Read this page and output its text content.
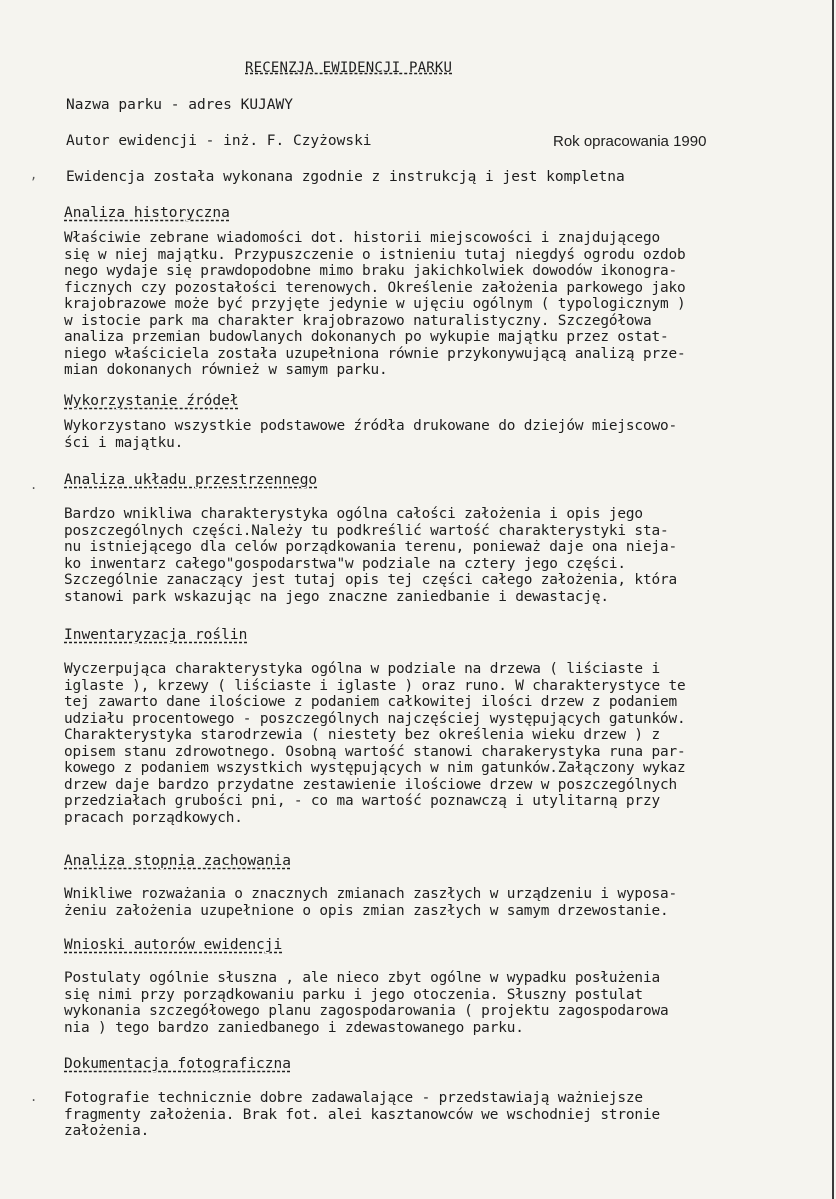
RECENZJA EWIDENCJI PARKU
Nazwa parku - adres KUJAWY
Autor ewidencji - inż. F. Czyżowski	Rok opracowania 1990
Ewidencja została wykonana zgodnie z instrukcją i jest kompletna
Analiza historyczna
Właściwie zebrane wiadomości dot. historii miejscowości i znajdującego
się w niej majątku. Przypuszczenie o istnieniu tutaj niegdyś ogrodu ozdob
nego wydaje się prawdopodobne mimo braku jakichkolwiek dowodów ikonogra-
ficznych czy pozostałości terenowych. Określenie założenia parkowego jako
krajobrazowe może być przyjęte jedynie w ujęciu ogólnym ( typologicznym )
w istocie park ma charakter krajobrazowo naturalistyczny. Szczegółowa
analiza przemian budowlanych dokonanych po wykupie majątku przez ostat-
niego właściciela została uzupełniona równie przykonywującą analizą prze-
mian dokonanych również w samym parku.
Wykorzystanie źródeł
Wykorzystano wszystkie podstawowe źródła drukowane do dziejów miejscowo-
ści i majątku.
Analiza układu przestrzennego
Bardzo wnikliwa charakterystyka ogólna całości założenia i opis jego
poszczególnych części.Należy tu podkreślić wartość charakterystyki sta-
nu istniejącego dla celów porządkowania terenu, ponieważ daje ona nieja-
ko inwentarz całego"gospodarstwa"w podziale na cztery jego części.
Szczególnie zanaczący jest tutaj opis tej części całego założenia, która
stanowi park wskazując na jego znaczne zaniedbanie i dewastację.
Inwentaryzacja roślin
Wyczerpująca charakterystyka ogólna w podziale na drzewa ( liściaste i
iglaste ), krzewy ( liściaste i iglaste ) oraz runo. W charakterystyce te
tej zawarto dane ilościowe z podaniem całkowitej ilości drzew z podaniem
udziału procentowego - poszczególnych najczęściej występujących gatunków.
Charakterystyka starodrzewia ( niestety bez określenia wieku drzew ) z
opisem stanu zdrowotnego. Osobną wartość stanowi charakerystyka runa par-
kowego z podaniem wszystkich występujących w nim gatunków.Załączony wykaz
drzew daje bardzo przydatne zestawienie ilościowe drzew w poszczególnych
przedziałach grubości pni, - co ma wartość poznawczą i utylitarną przy
pracach porządkowych.
Analiza stopnia zachowania
Wnikliwe rozważania o znacznych zmianach zaszłych w urządzeniu i wyposa-
żeniu założenia uzupełnione o opis zmian zaszłych w samym drzewostanie.
Wnioski autorów ewidencji
Postulaty ogólnie słuszna , ale nieco zbyt ogólne w wypadku posłużenia
się nimi przy porządkowaniu parku i jego otoczenia. Słuszny postulat
wykonania szczegółowego planu zagospodarowania ( projektu zagospodarowa
nia ) tego bardzo zaniedbanego i zdewastowanego parku.
Dokumentacja fotograficzna
Fotografie technicznie dobre zadawalające - przedstawiają ważniejsze
fragmenty założenia. Brak fot. alei kasztanowców we wschodniej stronie
założenia.
,
.
.
